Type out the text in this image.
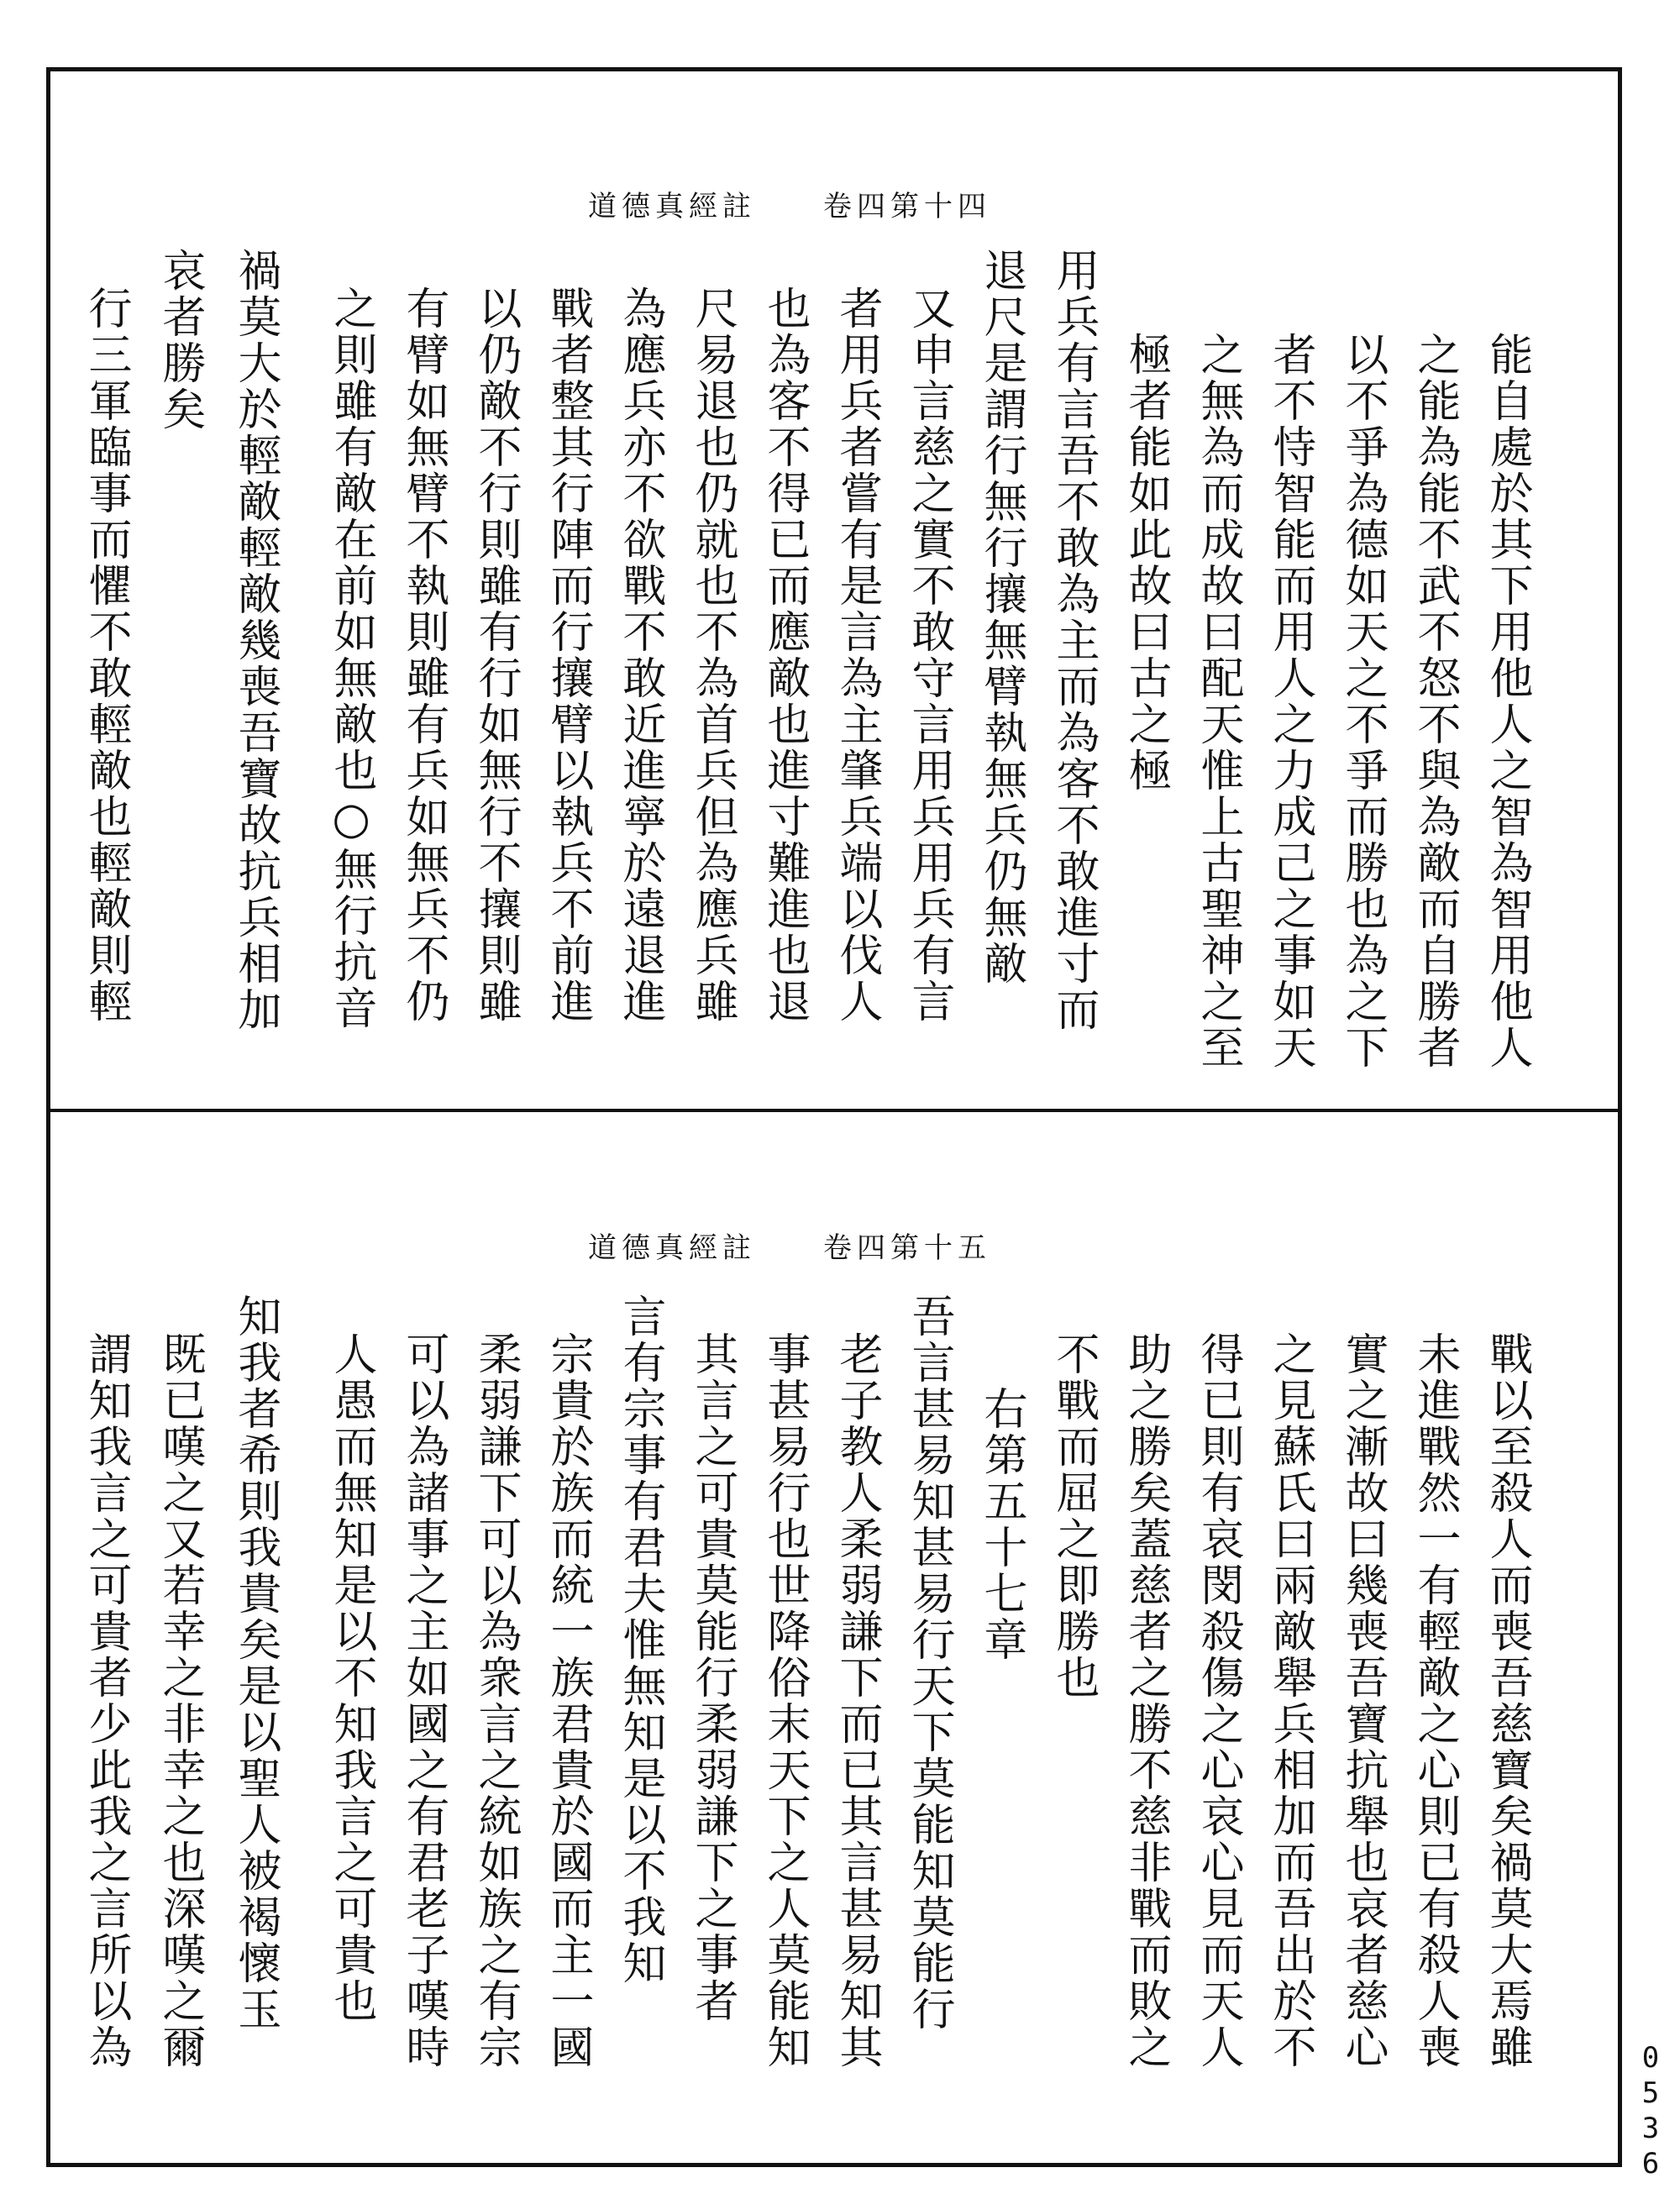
道德真經註　　卷四第十四
能自處於其下用他人之智為智用他人
之能為能不武不怒不與為敵而自勝者
以不爭為德如天之不爭而勝也為之下
者不恃智能而用人之力成己之事如天
之無為而成故曰配天惟上古聖神之至
極者能如此故曰古之極
用兵有言吾不敢為主而為客不敢進寸而
退尺是謂行無行攘無臂執無兵仍無敵
又申言慈之實不敢守言用兵用兵有言
者用兵者嘗有是言為主肇兵端以伐人
也為客不得已而應敵也進寸難進也退
尺易退也仍就也不為首兵但為應兵雖
為應兵亦不欲戰不敢近進寧於遠退進
戰者整其行陣而行攘臂以執兵不前進
以仍敵不行則雖有行如無行不攘則雖
有臂如無臂不執則雖有兵如無兵不仍
之則雖有敵在前如無敵也○無行抗音
禍莫大於輕敵輕敵幾喪吾寶故抗兵相加
哀者勝矣
行三軍臨事而懼不敢輕敵也輕敵則輕
道德真經註　　卷四第十五
戰以至殺人而喪吾慈寶矣禍莫大焉雖
未進戰然一有輕敵之心則已有殺人喪
實之漸故曰幾喪吾寶抗舉也哀者慈心
之見蘇氏曰兩敵舉兵相加而吾出於不
得已則有哀閔殺傷之心哀心見而天人
助之勝矣蓋慈者之勝不慈非戰而敗之
不戰而屈之即勝也
右第五十七章
吾言甚易知甚易行天下莫能知莫能行
老子教人柔弱謙下而已其言甚易知其
事甚易行也世降俗末天下之人莫能知
其言之可貴莫能行柔弱謙下之事者
言有宗事有君夫惟無知是以不我知
宗貴於族而統一族君貴於國而主一國
柔弱謙下可以為衆言之統如族之有宗
可以為諸事之主如國之有君老子嘆時
人愚而無知是以不知我言之可貴也
知我者希則我貴矣是以聖人被褐懷玉
既已嘆之又若幸之非幸之也深嘆之爾
謂知我言之可貴者少此我之言所以為
0536
